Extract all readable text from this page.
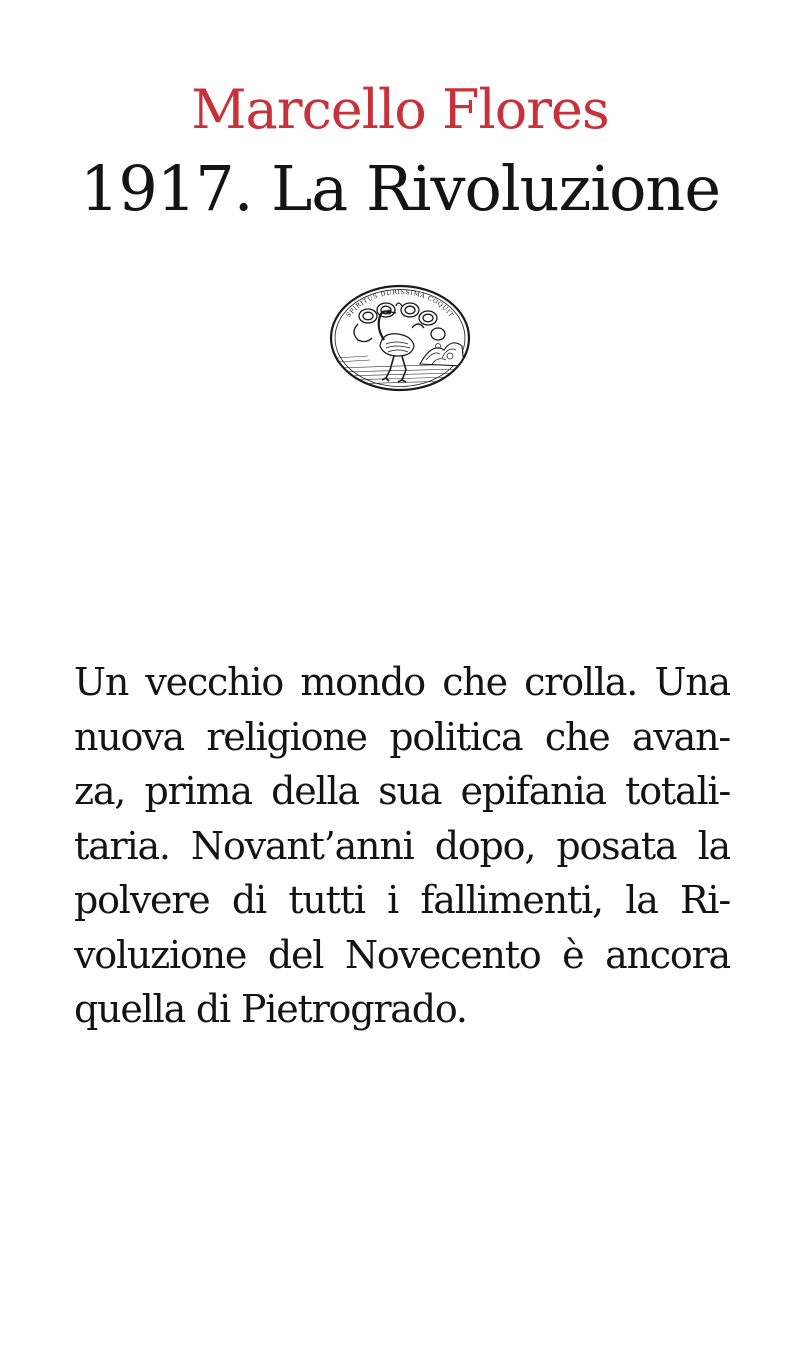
Marcello Flores
1917. La Rivoluzione
SPIRITUS DURISSIMA COQUIT
Un vecchio mondo che crolla. Una
nuova religione politica che avan-
za, prima della sua epifania totali-
taria. Novant’anni dopo, posata la
polvere di tutti i fallimenti, la Ri-
voluzione del Novecento è ancora
quella di Pietrogrado.
